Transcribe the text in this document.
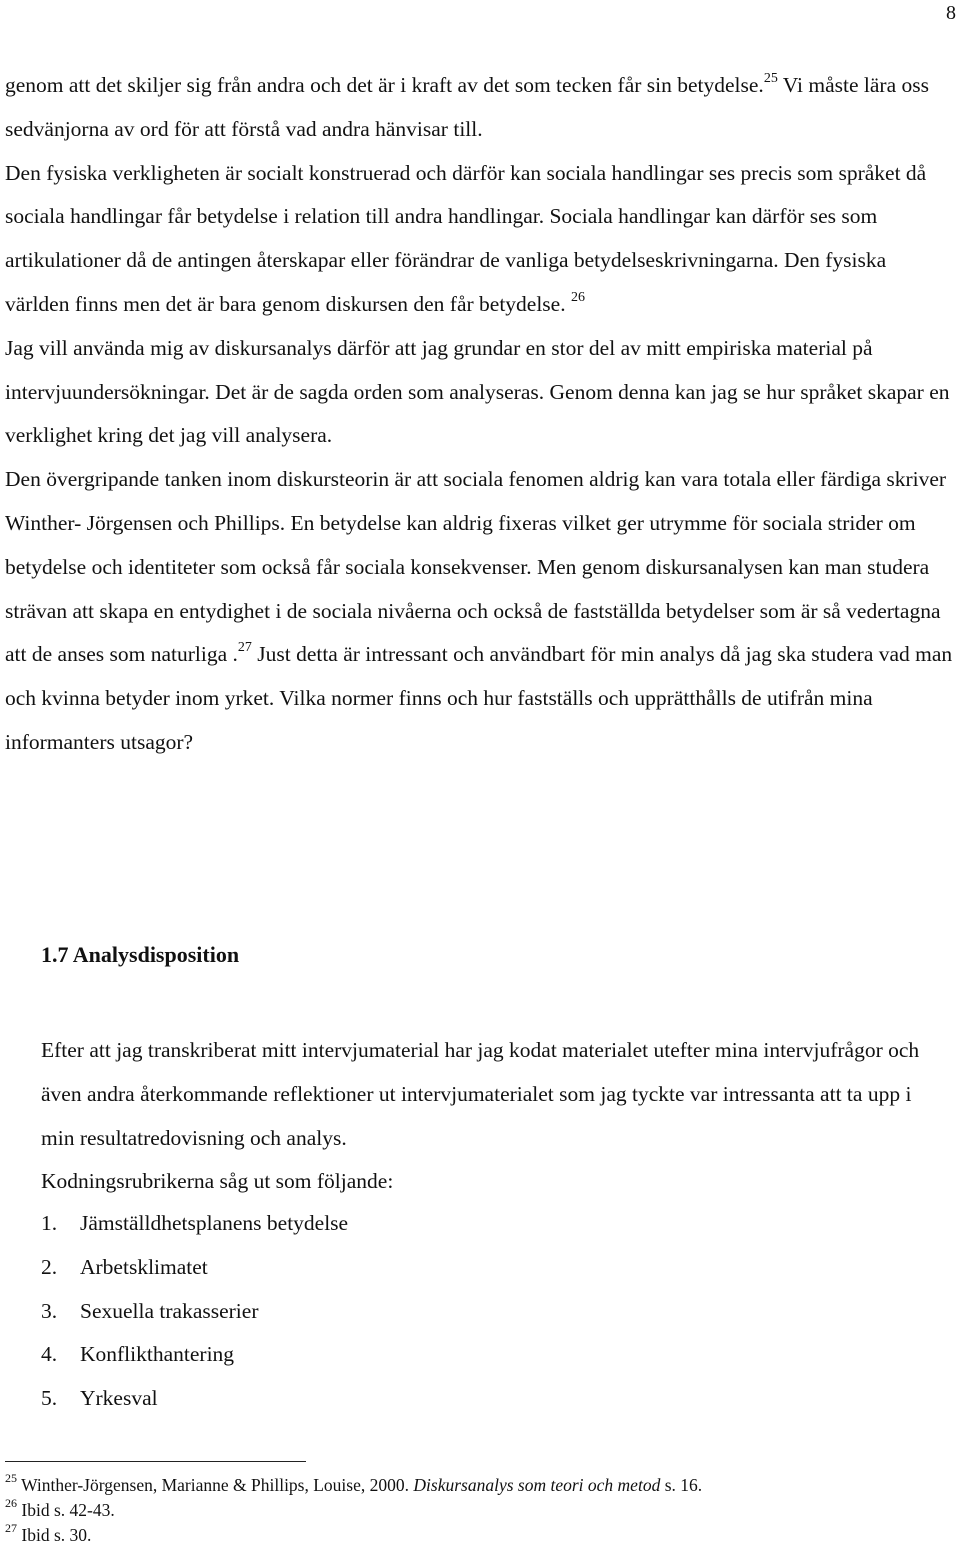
8

genom att det skiljer sig från andra och det är i kraft av det som tecken får sin betydelse.$^{25}$ Vi måste lära oss sedvänjorna av ord för att förstå vad andra hänvisar till.

Den fysiska verkligheten är socialt konstruerad och därför kan sociala handlingar ses precis som språket då sociala handlingar får betydelse i relation till andra handlingar. Sociala handlingar kan därför ses som artikulationer då de antingen återskapar eller förändrar de vanliga betydelseskrivningarna. Den fysiska världen finns men det är bara genom diskursen den får betydelse. $^{26}$

Jag vill använda mig av diskursanalys därför att jag grundar en stor del av mitt empiriska material på intervjuundersökningar. Det är de sagda orden som analyseras. Genom denna kan jag se hur språket skapar en verklighet kring det jag vill analysera.

Den övergripande tanken inom diskursteorin är att sociala fenomen aldrig kan vara totala eller färdiga skriver Winther- Jörgensen och Phillips. En betydelse kan aldrig fixeras vilket ger utrymme för sociala strider om betydelse och identiteter som också får sociala konsekvenser. Men genom diskursanalysen kan man studera strävan att skapa en entydighet i de sociala nivåerna och också de fastställda betydelser som är så vedertagna att de anses som naturliga .$^{27}$ Just detta är intressant och användbart för min analys då jag ska studera vad man och kvinna betyder inom yrket. Vilka normer finns och hur fastställs och upprätthålls de utifrån mina informanters utsagor?

1.7 Analysdisposition

Efter att jag transkriberat mitt intervjumaterial har jag kodat materialet utefter mina intervjufrågor och även andra återkommande reflektioner ut intervjumaterialet som jag tyckte var intressanta att ta upp i min resultatredovisning och analys.

Kodningsrubrikerna såg ut som följande:

1.	Jämställdhetsplanens betydelse
2.	Arbetsklimatet
3.	Sexuella trakasserier
4.	Konflikthantering
5.	Yrkesval
$^{25}$ Winther-Jörgensen, Marianne & Phillips, Louise, 2000. Diskursanalys som teori och metod s. 16.
$^{26}$ Ibid s. 42-43.
$^{27}$ Ibid s. 30.
